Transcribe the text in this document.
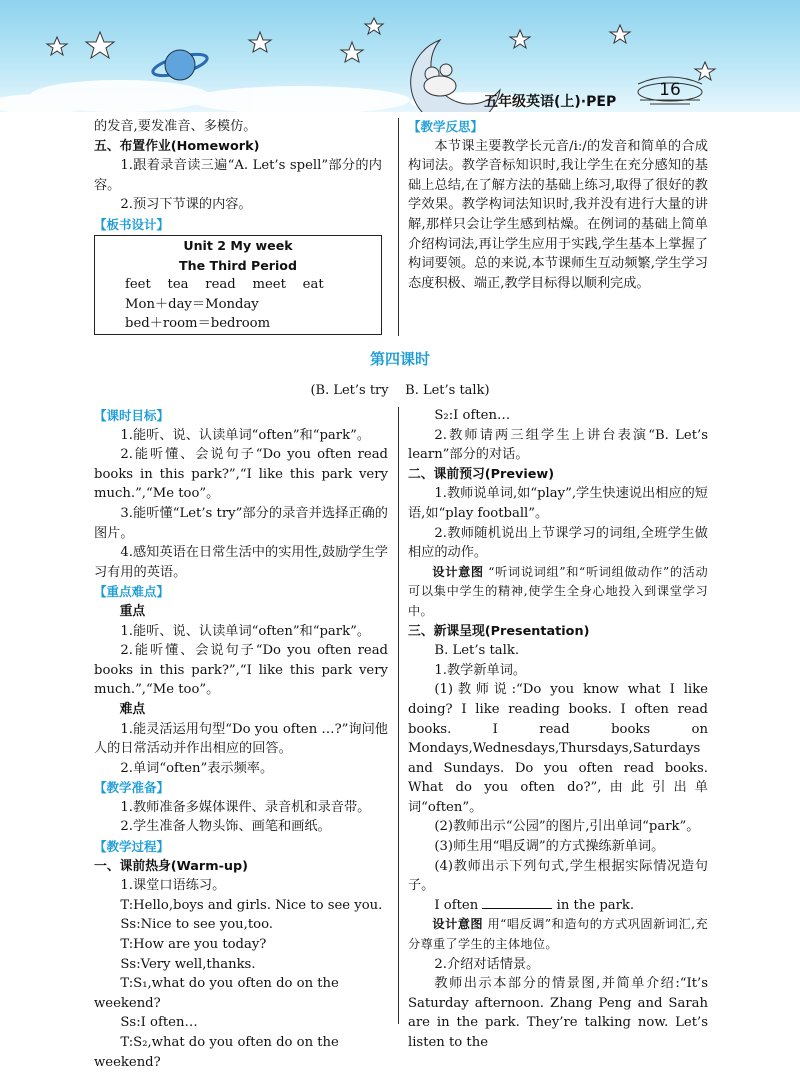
五年级英语(上)·PEP
16

的发音,要发准音、多模仿。

五、布置作业(Homework)

1.跟着录音读三遍“A. Let’s spell”部分的内容。

2.预习下节课的内容。

【板书设计】

Unit 2 My week
The Third Period
feet    tea    read    meet    eat
Mon＋day＝Monday
bed＋room＝bedroom

【教学反思】

本节课主要教学长元音/iː/的发音和简单的合成构词法。教学音标知识时,我让学生在充分感知的基础上总结,在了解方法的基础上练习,取得了很好的教学效果。教学构词法知识时,我并没有进行大量的讲解,那样只会让学生感到枯燥。在例词的基础上简单介绍构词法,再让学生应用于实践,学生基本上掌握了构词要领。总的来说,本节课师生互动频繁,学生学习态度积极、端正,教学目标得以顺利完成。

第四课时
(B. Let’s try    B. Let’s talk)

【课时目标】

1.能听、说、认读单词“often”和“park”。

2.能听懂、会说句子“Do you often read books in this park?”,“I like this park very much.”,“Me too”。

3.能听懂“Let’s try”部分的录音并选择正确的图片。

4.感知英语在日常生活中的实用性,鼓励学生学习有用的英语。

【重点难点】

重点

1.能听、说、认读单词“often”和“park”。

2.能听懂、会说句子“Do you often read books in this park?”,“I like this park very much.”,“Me too”。

难点

1.能灵活运用句型“Do you often …?”询问他人的日常活动并作出相应的回答。

2.单词“often”表示频率。

【教学准备】

1.教师准备多媒体课件、录音机和录音带。

2.学生准备人物头饰、画笔和画纸。

【教学过程】

一、课前热身(Warm-up)

1.课堂口语练习。

T:Hello,boys and girls. Nice to see you.

Ss:Nice to see you,too.

T:How are you today?

Ss:Very well,thanks.

T:S₁,what do you often do on the weekend?

Ss:I often…

T:S₂,what do you often do on the weekend?

S₂:I often…

2.教师请两三组学生上讲台表演“B. Let’s learn”部分的对话。

二、课前预习(Preview)

1.教师说单词,如“play”,学生快速说出相应的短语,如“play football”。

2.教师随机说出上节课学习的词组,全班学生做相应的动作。

设计意图 “听词说词组”和“听词组做动作”的活动可以集中学生的精神,使学生全身心地投入到课堂学习中。

三、新课呈现(Presentation)

B. Let’s talk.

1.教学新单词。

(1)教师说:“Do you know what I like doing? I like reading books. I often read books. I read books on Mondays,Wednesdays,Thursdays,Saturdays and Sundays. Do you often read books. What do you often do?”,由此引出单词“often”。

(2)教师出示“公园”的图片,引出单词“park”。

(3)师生用“唱反调”的方式操练新单词。

(4)教师出示下列句式,学生根据实际情况造句子。

I often	in the park.

设计意图 用“唱反调”和造句的方式巩固新词汇,充分尊重了学生的主体地位。

2.介绍对话情景。

教师出示本部分的情景图,并简单介绍:“It’s Saturday afternoon. Zhang Peng and Sarah are in the park. They’re talking now. Let’s listen to the
